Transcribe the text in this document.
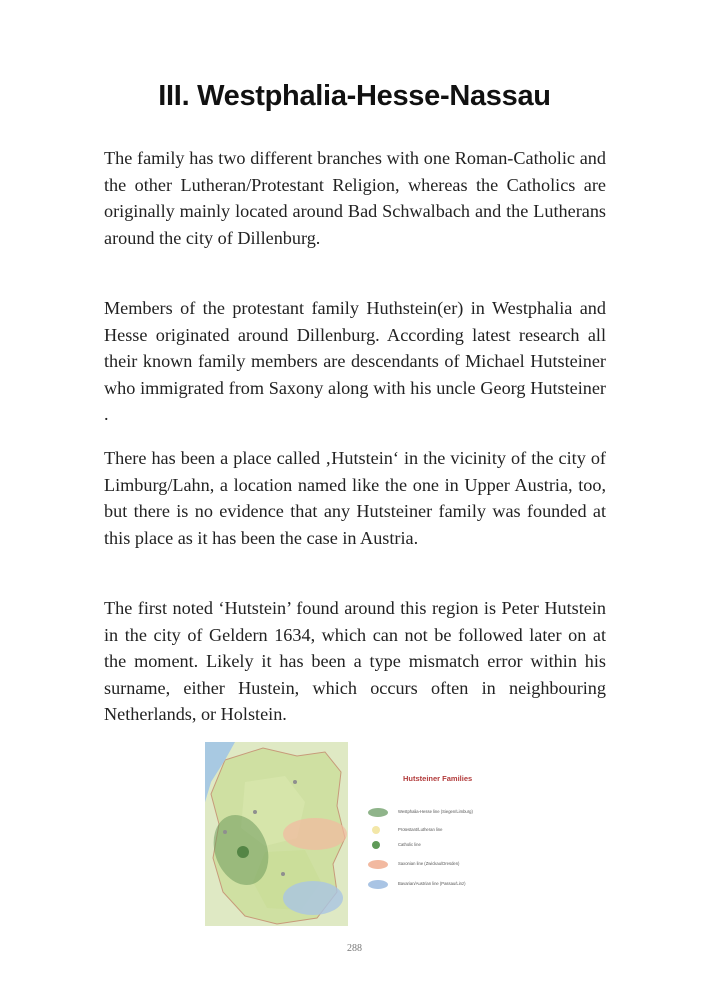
III. Westphalia-Hesse-Nassau

The family has two different branches with one Roman-Catholic and the other Lutheran/Protestant Religion, whereas the Catholics are originally mainly located around Bad Schwalbach and the Lutherans around the city of Dillenburg.

Members of the protestant family Huthstein(er) in Westphalia and Hesse originated around Dillenburg. According latest research all their known family members are descendants of Michael Hutsteiner who immigrated from Saxony along with his uncle Georg Hutsteiner .

There has been a place called ‚Hutstein‘ in the vicinity of the city of Limburg/Lahn, a location named like the one in Upper Austria, too, but there is no evidence that any Hutsteiner family was founded at this place as it has been the case in Austria.

The first noted ‘Hutstein’ found around this region is Peter Hutstein in the city of Geldern 1634, which can not be followed later on at the moment. Likely it has been a type mismatch error within his surname, either Hustein, which occurs often in neighbouring Netherlands, or Holstein.

Hutsteiner Families
Westphalia-Hesse line (Siegen/Limburg)
Protestant/Lutheran line
Catholic line
Saxonian line (Zwickau/Dresden)
Bavarian/Austrian line (Passau/Linz)
288
